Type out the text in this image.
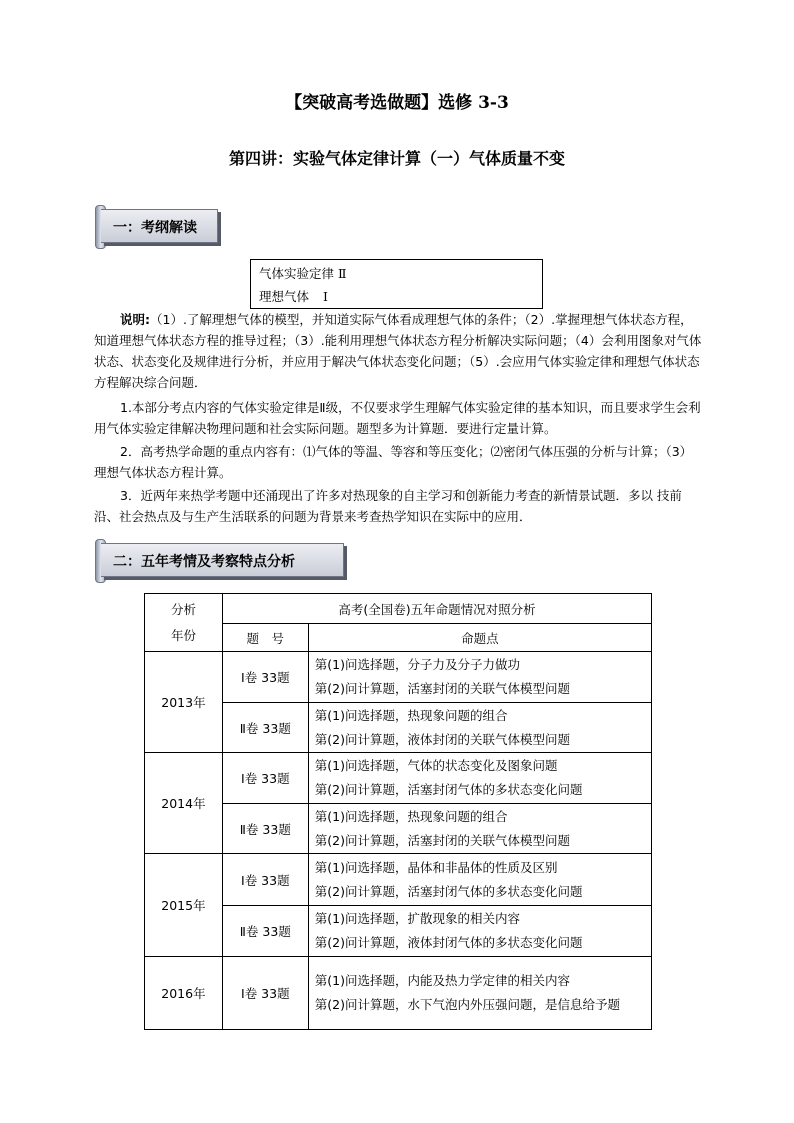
【突破高考选做题】选修 3-3
第四讲：实验气体定律计算（一）气体质量不变
一：考纲解读
气体实验定律 Ⅱ
理想气体 Ⅰ
说明:（1）.了解理想气体的模型，并知道实际气体看成理想气体的条件；（2）.掌握理想气体状态方程，知道理想气体状态方程的推导过程；（3）.能利用理想气体状态方程分析解决实际问题；（4）会利用图象对气体状态、状态变化及规律进行分析，并应用于解决气体状态变化问题；（5）.会应用气体实验定律和理想气体状态方程解决综合问题．
1.本部分考点内容的气体实验定律是Ⅱ级，不仅要求学生理解气体实验定律的基本知识，而且要求学生会利用气体实验定律解决物理问题和社会实际问题。题型多为计算题．要进行定量计算。
2．高考热学命题的重点内容有：⑴气体的等温、等容和等压变化；⑵密闭气体压强的分析与计算；（3）理想气体状态方程计算。
3．近两年来热学考题中还涌现出了许多对热现象的自主学习和创新能力考查的新情景试题．多以 技前沿、社会热点及与生产生活联系的问题为背景来考查热学知识在实际中的应用．
二：五年考情及考察特点分析
分析
年份	高考(全国卷)五年命题情况对照分析	
	题　号	命题点
2013年	Ⅰ卷 33题	第(1)问选择题，分子力及分子力做功
第(2)问计算题，活塞封闭的关联气体模型问题

	Ⅱ卷 33题	第(1)问选择题，热现象问题的组合
第(2)问计算题，液体封闭的关联气体模型问题

2014年	Ⅰ卷 33题	第(1)问选择题，气体的状态变化及图象问题
第(2)问计算题，活塞封闭气体的多状态变化问题

	Ⅱ卷 33题	第(1)问选择题，热现象问题的组合
第(2)问计算题，活塞封闭的关联气体模型问题

2015年	Ⅰ卷 33题	第(1)问选择题，晶体和非晶体的性质及区别
第(2)问计算题，活塞封闭气体的多状态变化问题

	Ⅱ卷 33题	第(1)问选择题，扩散现象的相关内容
第(2)问计算题，液体封闭气体的多状态变化问题

2016年	Ⅰ卷 33题	第(1)问选择题，内能及热力学定律的相关内容
第(2)问计算题，水下气泡内外压强问题，是信息给予题
